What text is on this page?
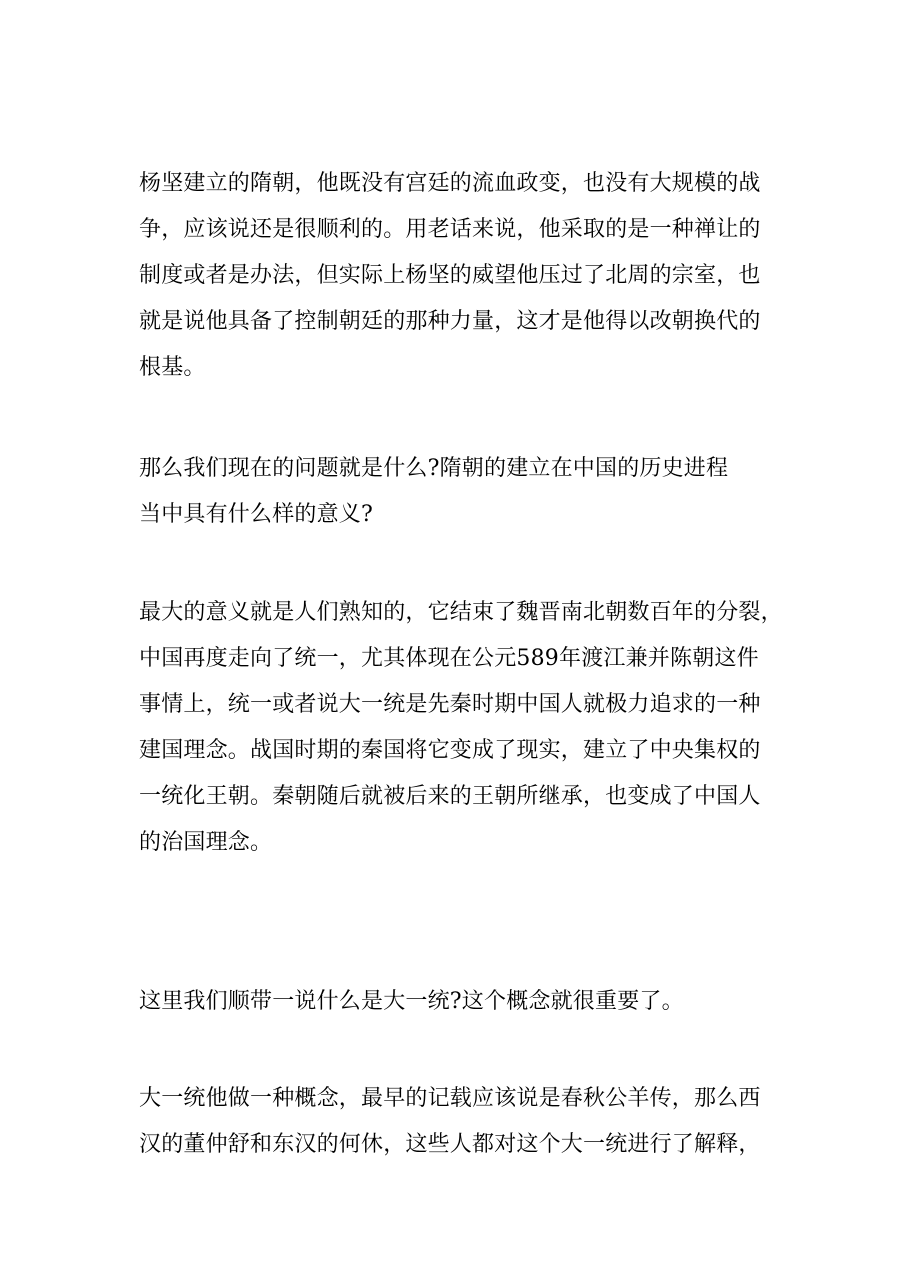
杨坚建立的隋朝，他既没有宫廷的流血政变，也没有大规模的战
争，应该说还是很顺利的。用老话来说，他采取的是一种禅让的
制度或者是办法，但实际上杨坚的威望他压过了北周的宗室，也
就是说他具备了控制朝廷的那种力量，这才是他得以改朝换代的
根基。
那么我们现在的问题就是什么?隋朝的建立在中国的历史进程
当中具有什么样的意义?
最大的意义就是人们熟知的，它结束了魏晋南北朝数百年的分裂，
中国再度走向了统一，尤其体现在公元589年渡江兼并陈朝这件
事情上，统一或者说大一统是先秦时期中国人就极力追求的一种
建国理念。战国时期的秦国将它变成了现实，建立了中央集权的
一统化王朝。秦朝随后就被后来的王朝所继承，也变成了中国人
的治国理念。
这里我们顺带一说什么是大一统?这个概念就很重要了。
大一统他做一种概念，最早的记载应该说是春秋公羊传，那么西
汉的董仲舒和东汉的何休，这些人都对这个大一统进行了解释，
